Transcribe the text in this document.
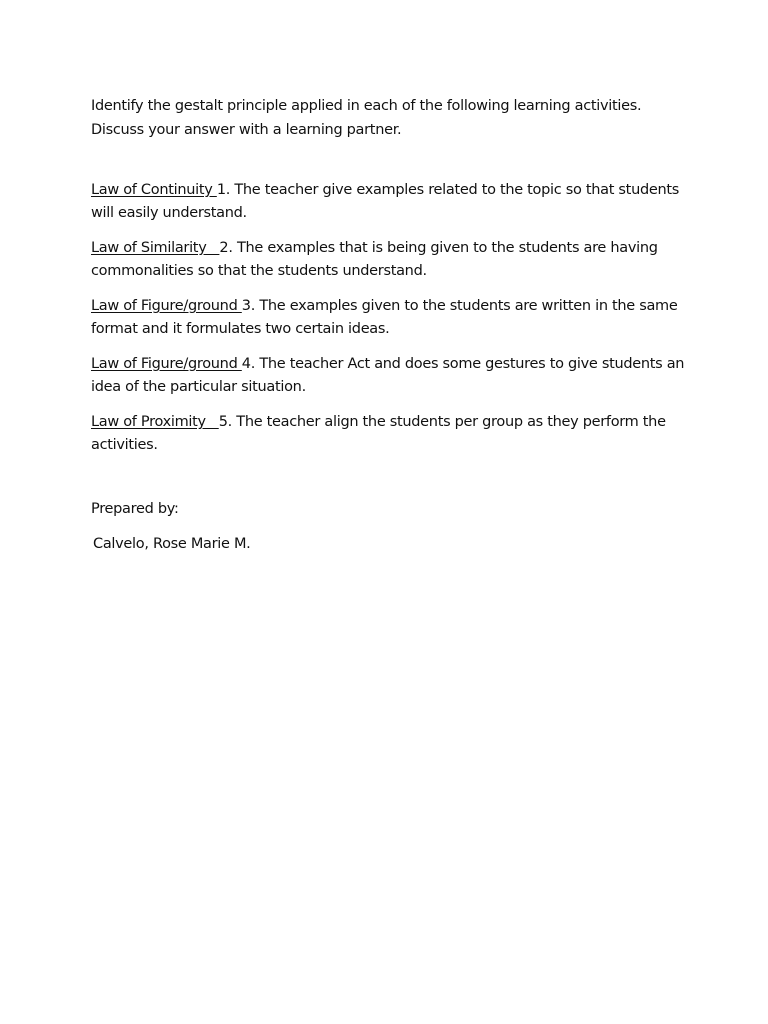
Identify the gestalt principle applied in each of the following learning activities.
Discuss your answer with a learning partner.

Law of Continuity 1. The teacher give examples related to the topic so that students will easily understand.

Law of Similarity   2. The examples that is being given to the students are having commonalities so that the students understand.

Law of Figure/ground 3. The examples given to the students are written in the same format and it formulates two certain ideas.

Law of Figure/ground 4. The teacher Act and does some gestures to give students an idea of the particular situation.

Law of Proximity   5. The teacher align the students per group as they perform the activities.

Prepared by:
Calvelo, Rose Marie M.
